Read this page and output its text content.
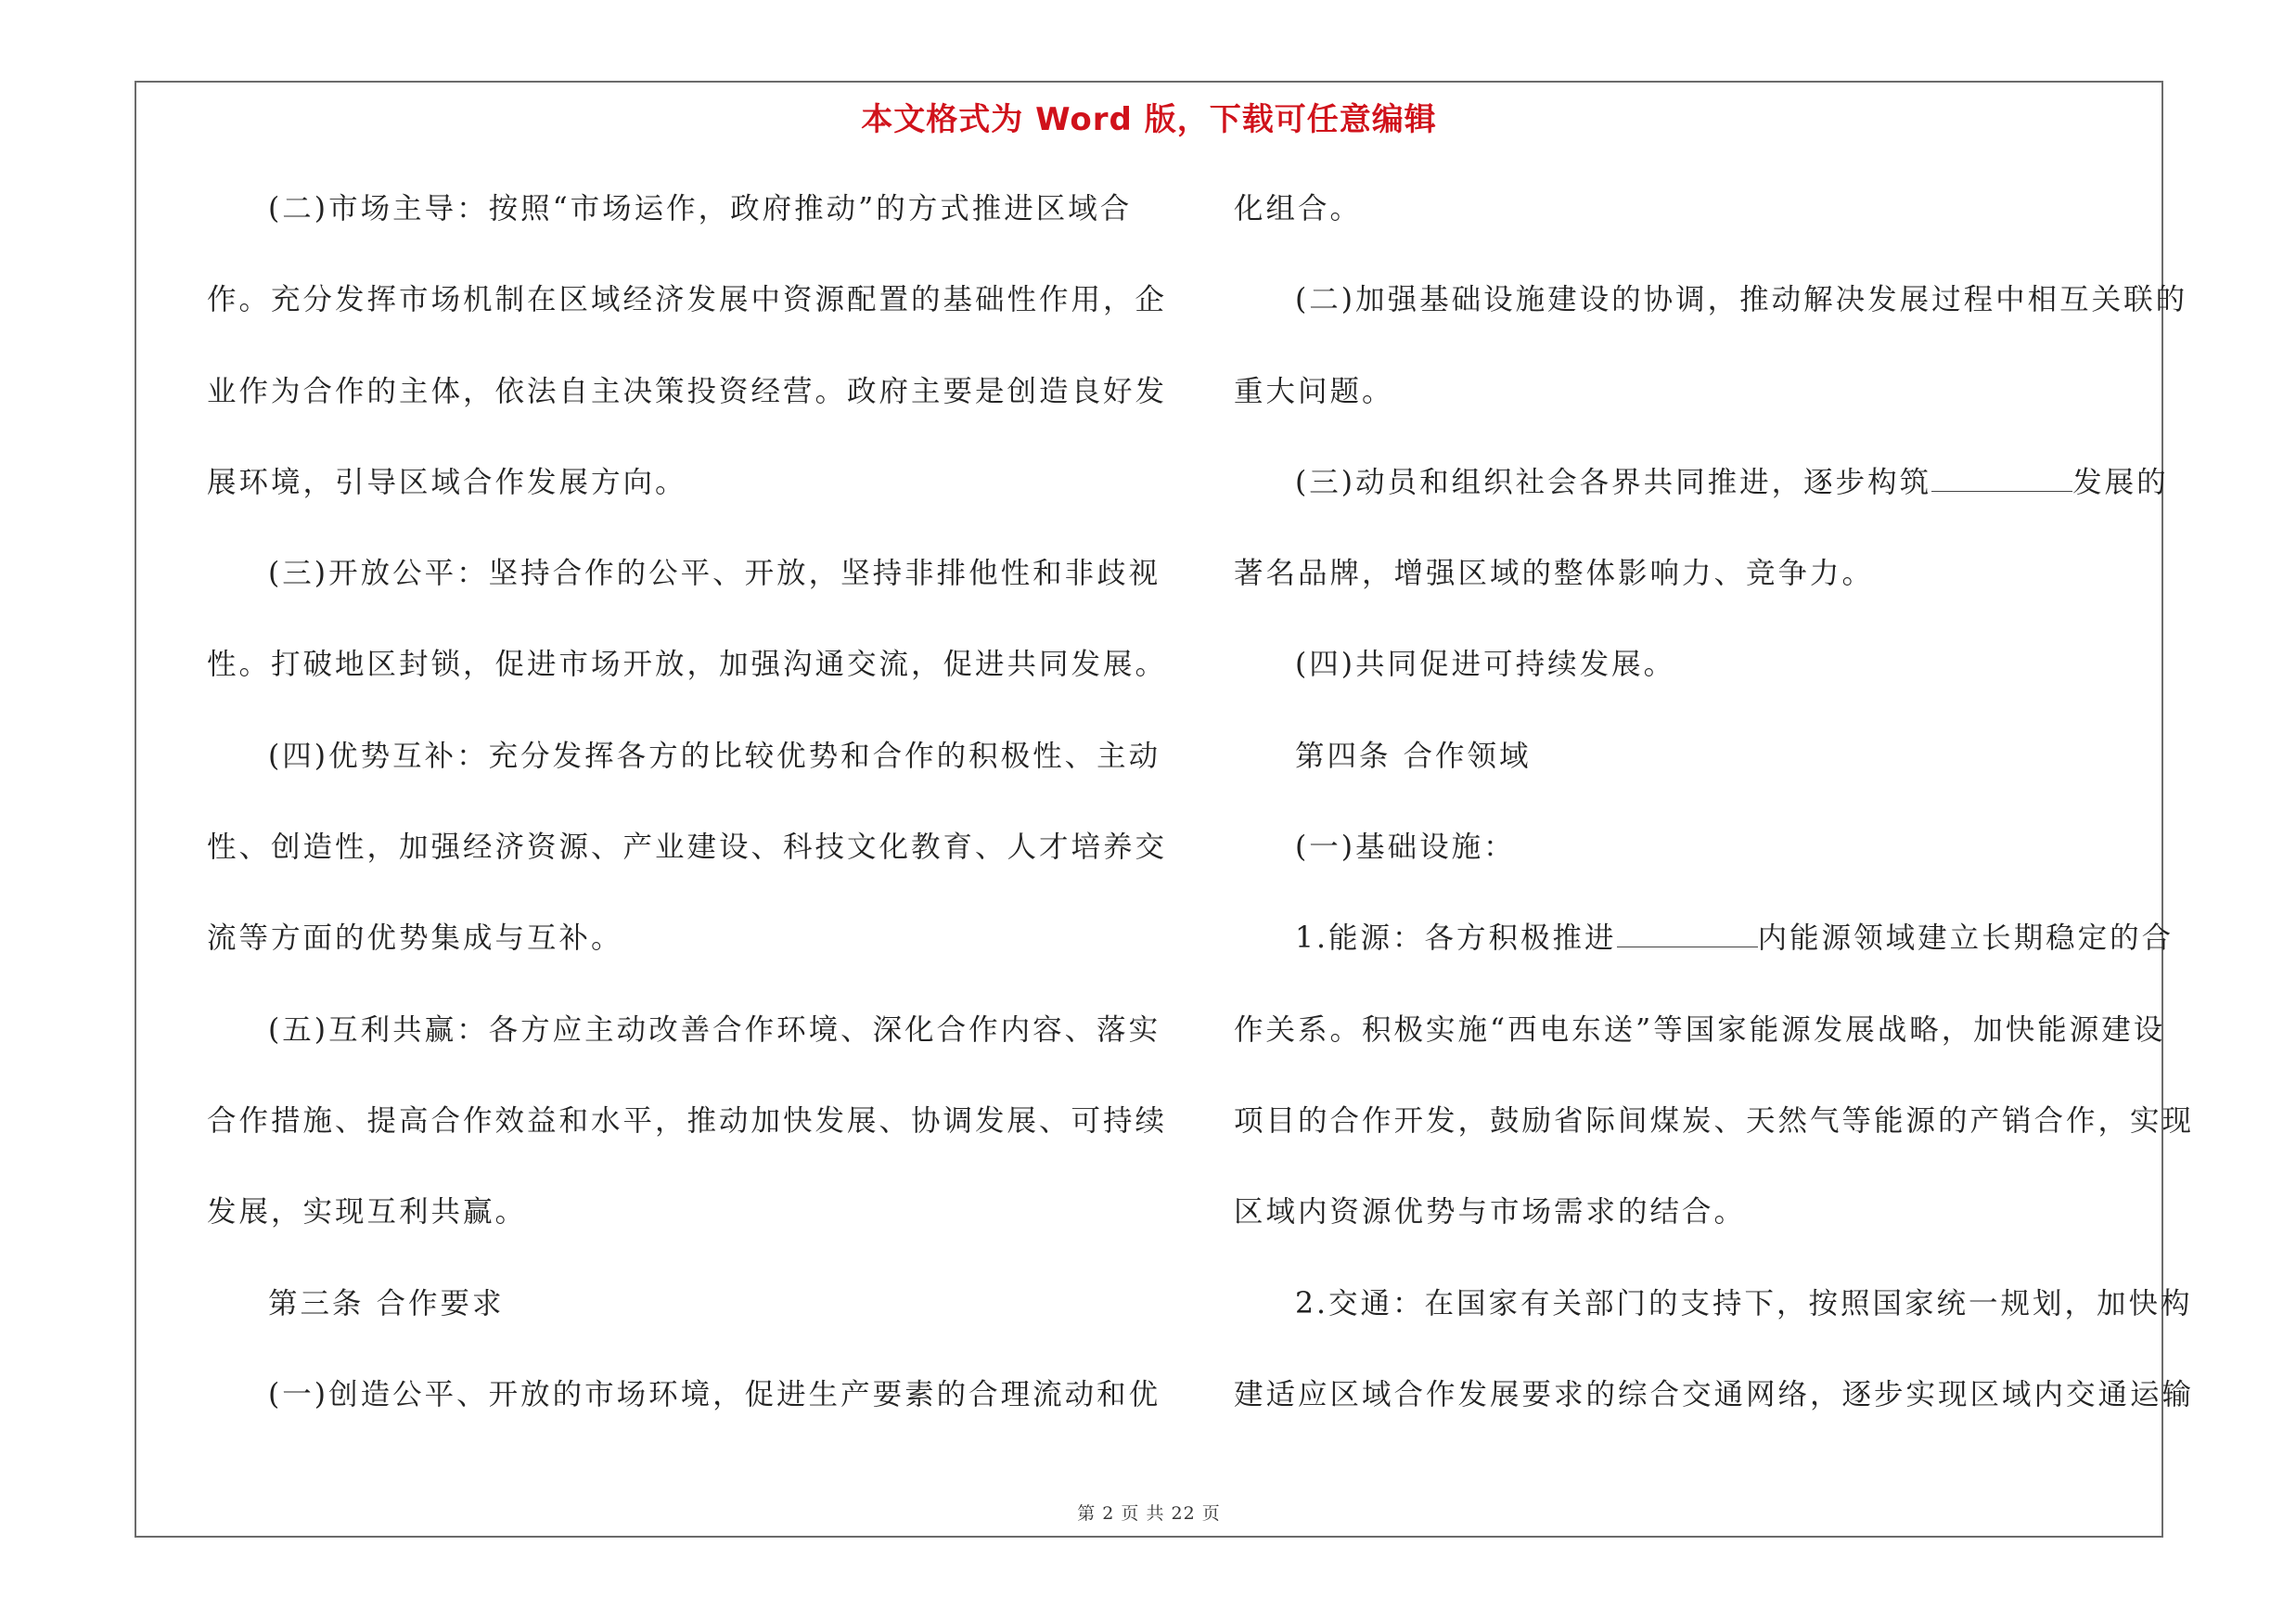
本文格式为 Word 版，下载可任意编辑
(二)市场主导：按照“市场运作，政府推动”的方式推进区域合
作。充分发挥市场机制在区域经济发展中资源配置的基础性作用，企
业作为合作的主体，依法自主决策投资经营。政府主要是创造良好发
展环境，引导区域合作发展方向。
(三)开放公平：坚持合作的公平、开放，坚持非排他性和非歧视
性。打破地区封锁，促进市场开放，加强沟通交流，促进共同发展。
(四)优势互补：充分发挥各方的比较优势和合作的积极性、主动
性、创造性，加强经济资源、产业建设、科技文化教育、人才培养交
流等方面的优势集成与互补。
(五)互利共赢：各方应主动改善合作环境、深化合作内容、落实
合作措施、提高合作效益和水平，推动加快发展、协调发展、可持续
发展，实现互利共赢。
第三条 合作要求
(一)创造公平、开放的市场环境，促进生产要素的合理流动和优
化组合。
(二)加强基础设施建设的协调，推动解决发展过程中相互关联的
重大问题。
(三)动员和组织社会各界共同推进，逐步构筑	发展的
著名品牌，增强区域的整体影响力、竞争力。
(四)共同促进可持续发展。
第四条 合作领域
(一)基础设施：
1.能源：各方积极推进	内能源领域建立长期稳定的合
作关系。积极实施“西电东送”等国家能源发展战略，加快能源建设
项目的合作开发，鼓励省际间煤炭、天然气等能源的产销合作，实现
区域内资源优势与市场需求的结合。
2.交通：在国家有关部门的支持下，按照国家统一规划，加快构
建适应区域合作发展要求的综合交通网络，逐步实现区域内交通运输
第 2 页 共 22 页
